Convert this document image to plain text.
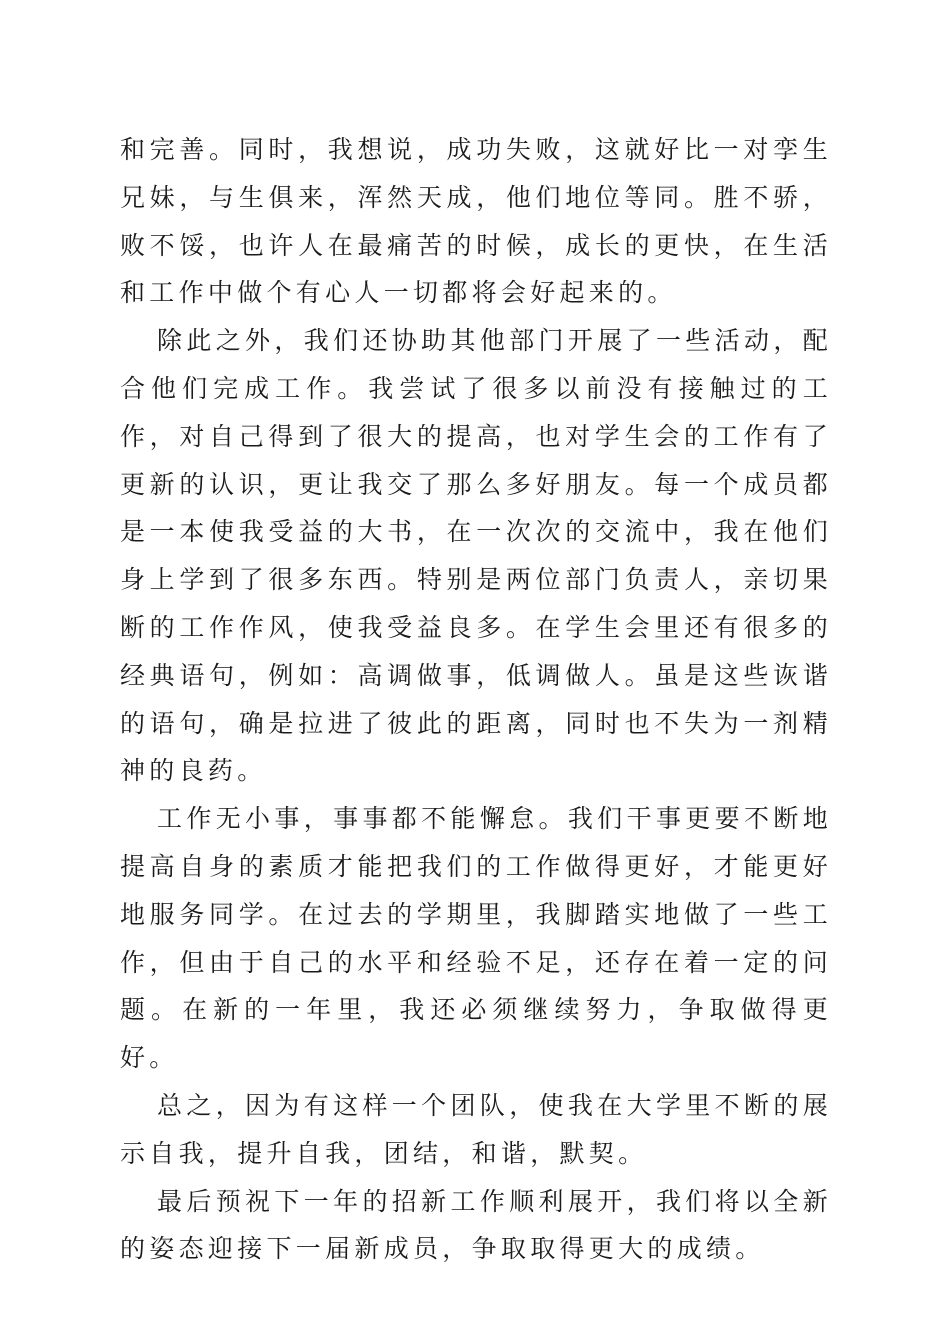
和完善。同时，我想说，成功失败，这就好比一对孪生兄妹，与生俱来，浑然天成，他们地位等同。胜不骄，败不馁，也许人在最痛苦的时候，成长的更快，在生活和工作中做个有心人一切都将会好起来的。

除此之外，我们还协助其他部门开展了一些活动，配合他们完成工作。我尝试了很多以前没有接触过的工作，对自己得到了很大的提高，也对学生会的工作有了更新的认识，更让我交了那么多好朋友。每一个成员都是一本使我受益的大书，在一次次的交流中，我在他们身上学到了很多东西。特别是两位部门负责人，亲切果断的工作作风，使我受益良多。在学生会里还有很多的经典语句，例如：高调做事，低调做人。虽是这些诙谐的语句，确是拉进了彼此的距离，同时也不失为一剂精神的良药。

工作无小事，事事都不能懈怠。我们干事更要不断地提高自身的素质才能把我们的工作做得更好，才能更好地服务同学。在过去的学期里，我脚踏实地做了一些工作，但由于自己的水平和经验不足，还存在着一定的问题。在新的一年里，我还必须继续努力，争取做得更好。

总之，因为有这样一个团队，使我在大学里不断的展示自我，提升自我，团结，和谐，默契。

最后预祝下一年的招新工作顺利展开，我们将以全新的姿态迎接下一届新成员，争取取得更大的成绩。
